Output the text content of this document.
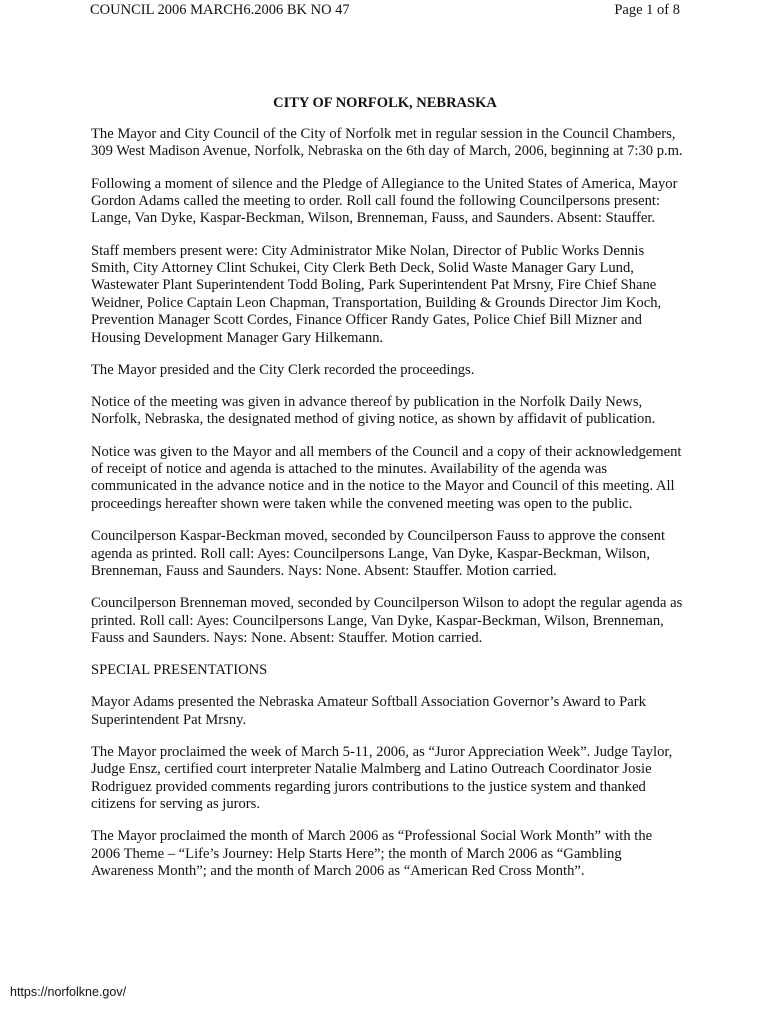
COUNCIL 2006 MARCH6.2006 BK NO 47	Page 1 of 8
CITY OF NORFOLK, NEBRASKA

The Mayor and City Council of the City of Norfolk met in regular session in the Council Chambers, 309 West Madison Avenue, Norfolk, Nebraska on the 6th day of March, 2006, beginning at 7:30 p.m.

Following a moment of silence and the Pledge of Allegiance to the United States of America, Mayor Gordon Adams called the meeting to order. Roll call found the following Councilpersons present: Lange, Van Dyke, Kaspar-Beckman, Wilson, Brenneman, Fauss, and Saunders. Absent: Stauffer.

Staff members present were: City Administrator Mike Nolan, Director of Public Works Dennis Smith, City Attorney Clint Schukei, City Clerk Beth Deck, Solid Waste Manager Gary Lund, Wastewater Plant Superintendent Todd Boling, Park Superintendent Pat Mrsny, Fire Chief Shane Weidner, Police Captain Leon Chapman, Transportation, Building & Grounds Director Jim Koch, Prevention Manager Scott Cordes, Finance Officer Randy Gates, Police Chief Bill Mizner and Housing Development Manager Gary Hilkemann.

The Mayor presided and the City Clerk recorded the proceedings.

Notice of the meeting was given in advance thereof by publication in the Norfolk Daily News, Norfolk, Nebraska, the designated method of giving notice, as shown by affidavit of publication.

Notice was given to the Mayor and all members of the Council and a copy of their acknowledgement of receipt of notice and agenda is attached to the minutes. Availability of the agenda was communicated in the advance notice and in the notice to the Mayor and Council of this meeting. All proceedings hereafter shown were taken while the convened meeting was open to the public.

Councilperson Kaspar-Beckman moved, seconded by Councilperson Fauss to approve the consent agenda as printed. Roll call: Ayes: Councilpersons Lange, Van Dyke, Kaspar-Beckman, Wilson, Brenneman, Fauss and Saunders. Nays: None. Absent: Stauffer. Motion carried.

Councilperson Brenneman moved, seconded by Councilperson Wilson to adopt the regular agenda as printed. Roll call: Ayes: Councilpersons Lange, Van Dyke, Kaspar-Beckman, Wilson, Brenneman, Fauss and Saunders. Nays: None. Absent: Stauffer. Motion carried.

SPECIAL PRESENTATIONS

Mayor Adams presented the Nebraska Amateur Softball Association Governor’s Award to Park Superintendent Pat Mrsny.

The Mayor proclaimed the week of March 5-11, 2006, as “Juror Appreciation Week”. Judge Taylor, Judge Ensz, certified court interpreter Natalie Malmberg and Latino Outreach Coordinator Josie Rodriguez provided comments regarding jurors contributions to the justice system and thanked citizens for serving as jurors.

The Mayor proclaimed the month of March 2006 as “Professional Social Work Month” with the 2006 Theme – “Life’s Journey: Help Starts Here”; the month of March 2006 as “Gambling Awareness Month”; and the month of March 2006 as “American Red Cross Month”.

https://norfolkne.gov/
